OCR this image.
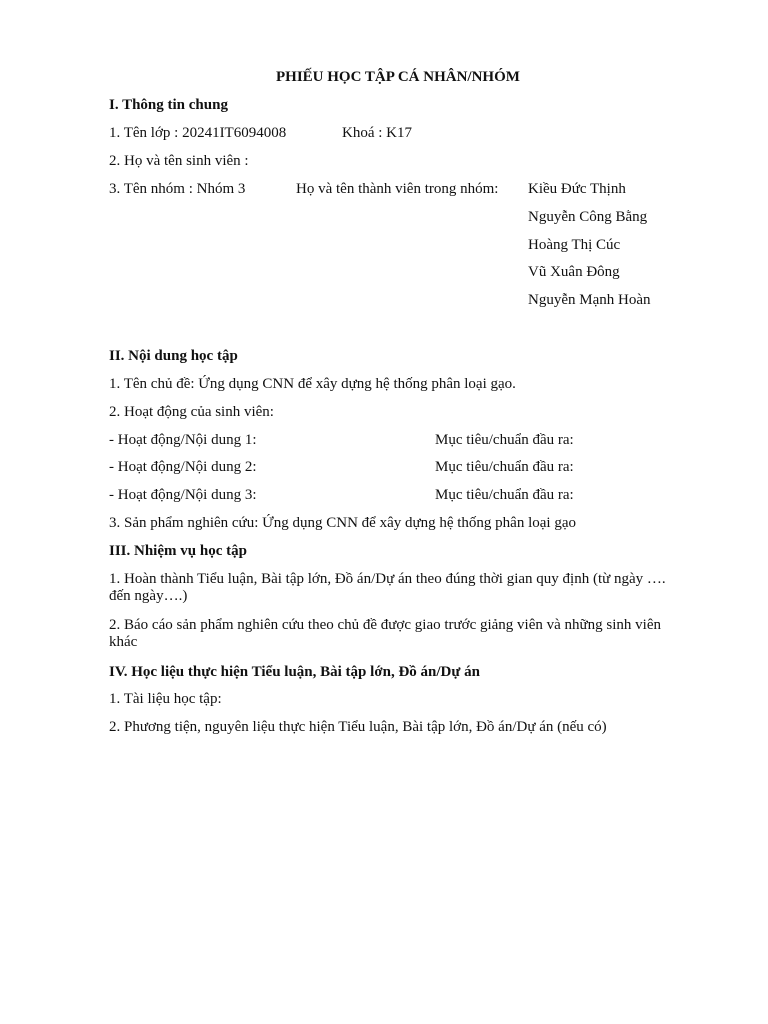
PHIẾU HỌC TẬP CÁ NHÂN/NHÓM
I. Thông tin chung
1. Tên lớp : 20241IT6094008	Khoá : K17
2. Họ và tên sinh viên :
3. Tên nhóm : Nhóm 3	Họ và tên thành viên trong nhóm: Kiều Đức Thịnh
Nguyễn Công Bằng
Hoàng Thị Cúc
Vũ Xuân Đông
Nguyễn Mạnh Hoàn
II. Nội dung học tập
1. Tên chủ đề: Ứng dụng CNN để xây dựng hệ thống phân loại gạo.
2. Hoạt động của sinh viên:
- Hoạt động/Nội dung 1:	Mục tiêu/chuẩn đầu ra:
- Hoạt động/Nội dung 2:	Mục tiêu/chuẩn đầu ra:
- Hoạt động/Nội dung 3:	Mục tiêu/chuẩn đầu ra:
3. Sản phẩm nghiên cứu: Ứng dụng CNN để xây dựng hệ thống phân loại gạo
III. Nhiệm vụ học tập
1. Hoàn thành Tiểu luận, Bài tập lớn, Đồ án/Dự án theo đúng thời gian quy định (từ ngày …. đến ngày….)
2. Báo cáo sản phẩm nghiên cứu theo chủ đề được giao trước giảng viên và những sinh viên khác
IV. Học liệu thực hiện Tiểu luận, Bài tập lớn, Đồ án/Dự án
1. Tài liệu học tập:
2. Phương tiện, nguyên liệu thực hiện Tiểu luận, Bài tập lớn, Đồ án/Dự án (nếu có)
